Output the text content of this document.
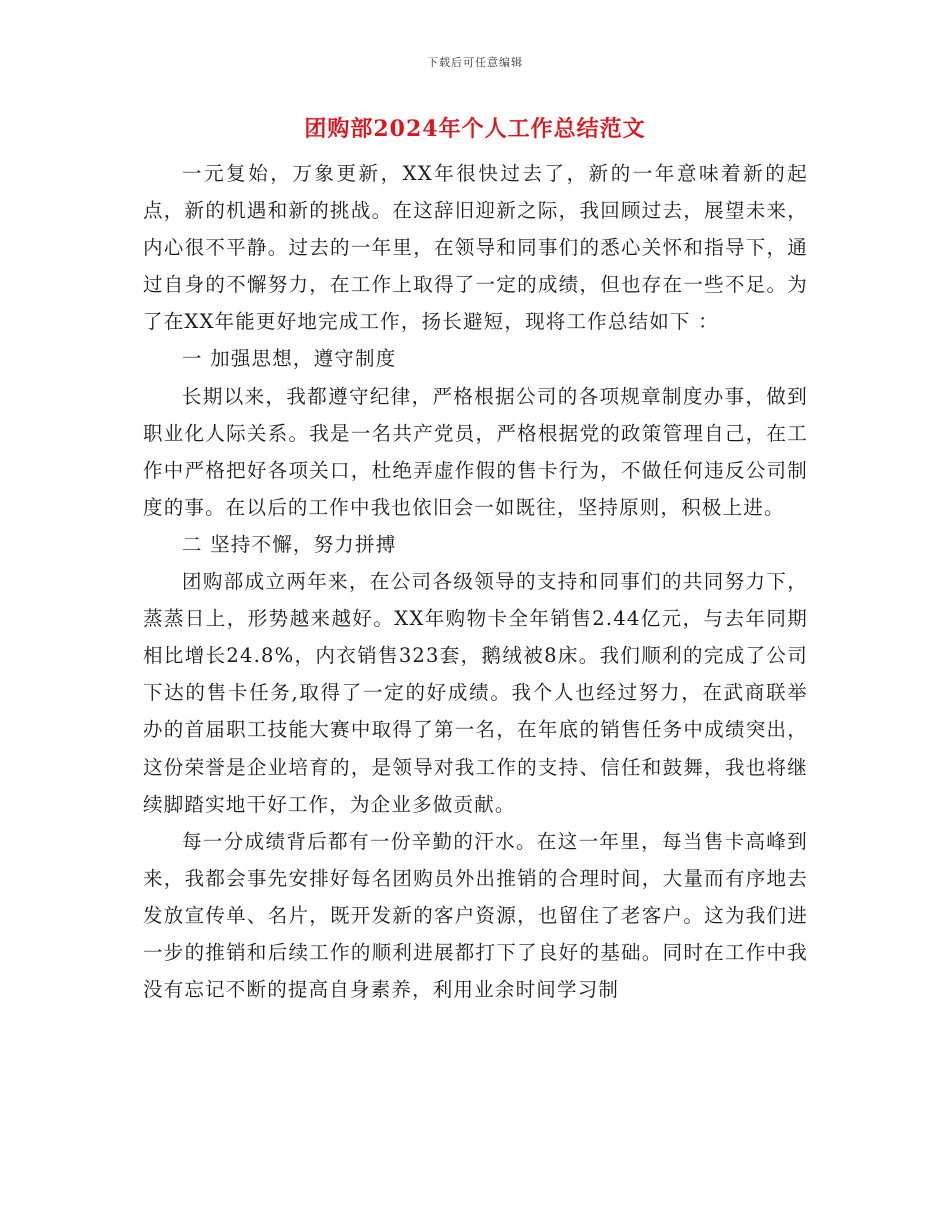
下载后可任意编辑
团购部2024年个人工作总结范文

一元复始，万象更新，XX年很快过去了，新的一年意味着新的起点，新的机遇和新的挑战。在这辞旧迎新之际，我回顾过去，展望未来，内心很不平静。过去的一年里，在领导和同事们的悉心关怀和指导下，通过自身的不懈努力，在工作上取得了一定的成绩，但也存在一些不足。为了在XX年能更好地完成工作，扬长避短，现将工作总结如下 ：

一 加强思想，遵守制度

长期以来，我都遵守纪律，严格根据公司的各项规章制度办事，做到职业化人际关系。我是一名共产党员，严格根据党的政策管理自己，在工作中严格把好各项关口，杜绝弄虚作假的售卡行为，不做任何违反公司制度的事。在以后的工作中我也依旧会一如既往，坚持原则，积极上进。

二 坚持不懈，努力拼搏

团购部成立两年来，在公司各级领导的支持和同事们的共同努力下，蒸蒸日上，形势越来越好。XX年购物卡全年销售2.44亿元，与去年同期相比增长24.8%，内衣销售323套，鹅绒被8床。我们顺利的完成了公司下达的售卡任务,取得了一定的好成绩。我个人也经过努力，在武商联举办的首届职工技能大赛中取得了第一名，在年底的销售任务中成绩突出，这份荣誉是企业培育的，是领导对我工作的支持、信任和鼓舞，我也将继续脚踏实地干好工作，为企业多做贡献。

每一分成绩背后都有一份辛勤的汗水。在这一年里，每当售卡高峰到来，我都会事先安排好每名团购员外出推销的合理时间，大量而有序地去发放宣传单、名片，既开发新的客户资源，也留住了老客户。这为我们进一步的推销和后续工作的顺利进展都打下了良好的基础。同时在工作中我没有忘记不断的提高自身素养，利用业余时间学习制
